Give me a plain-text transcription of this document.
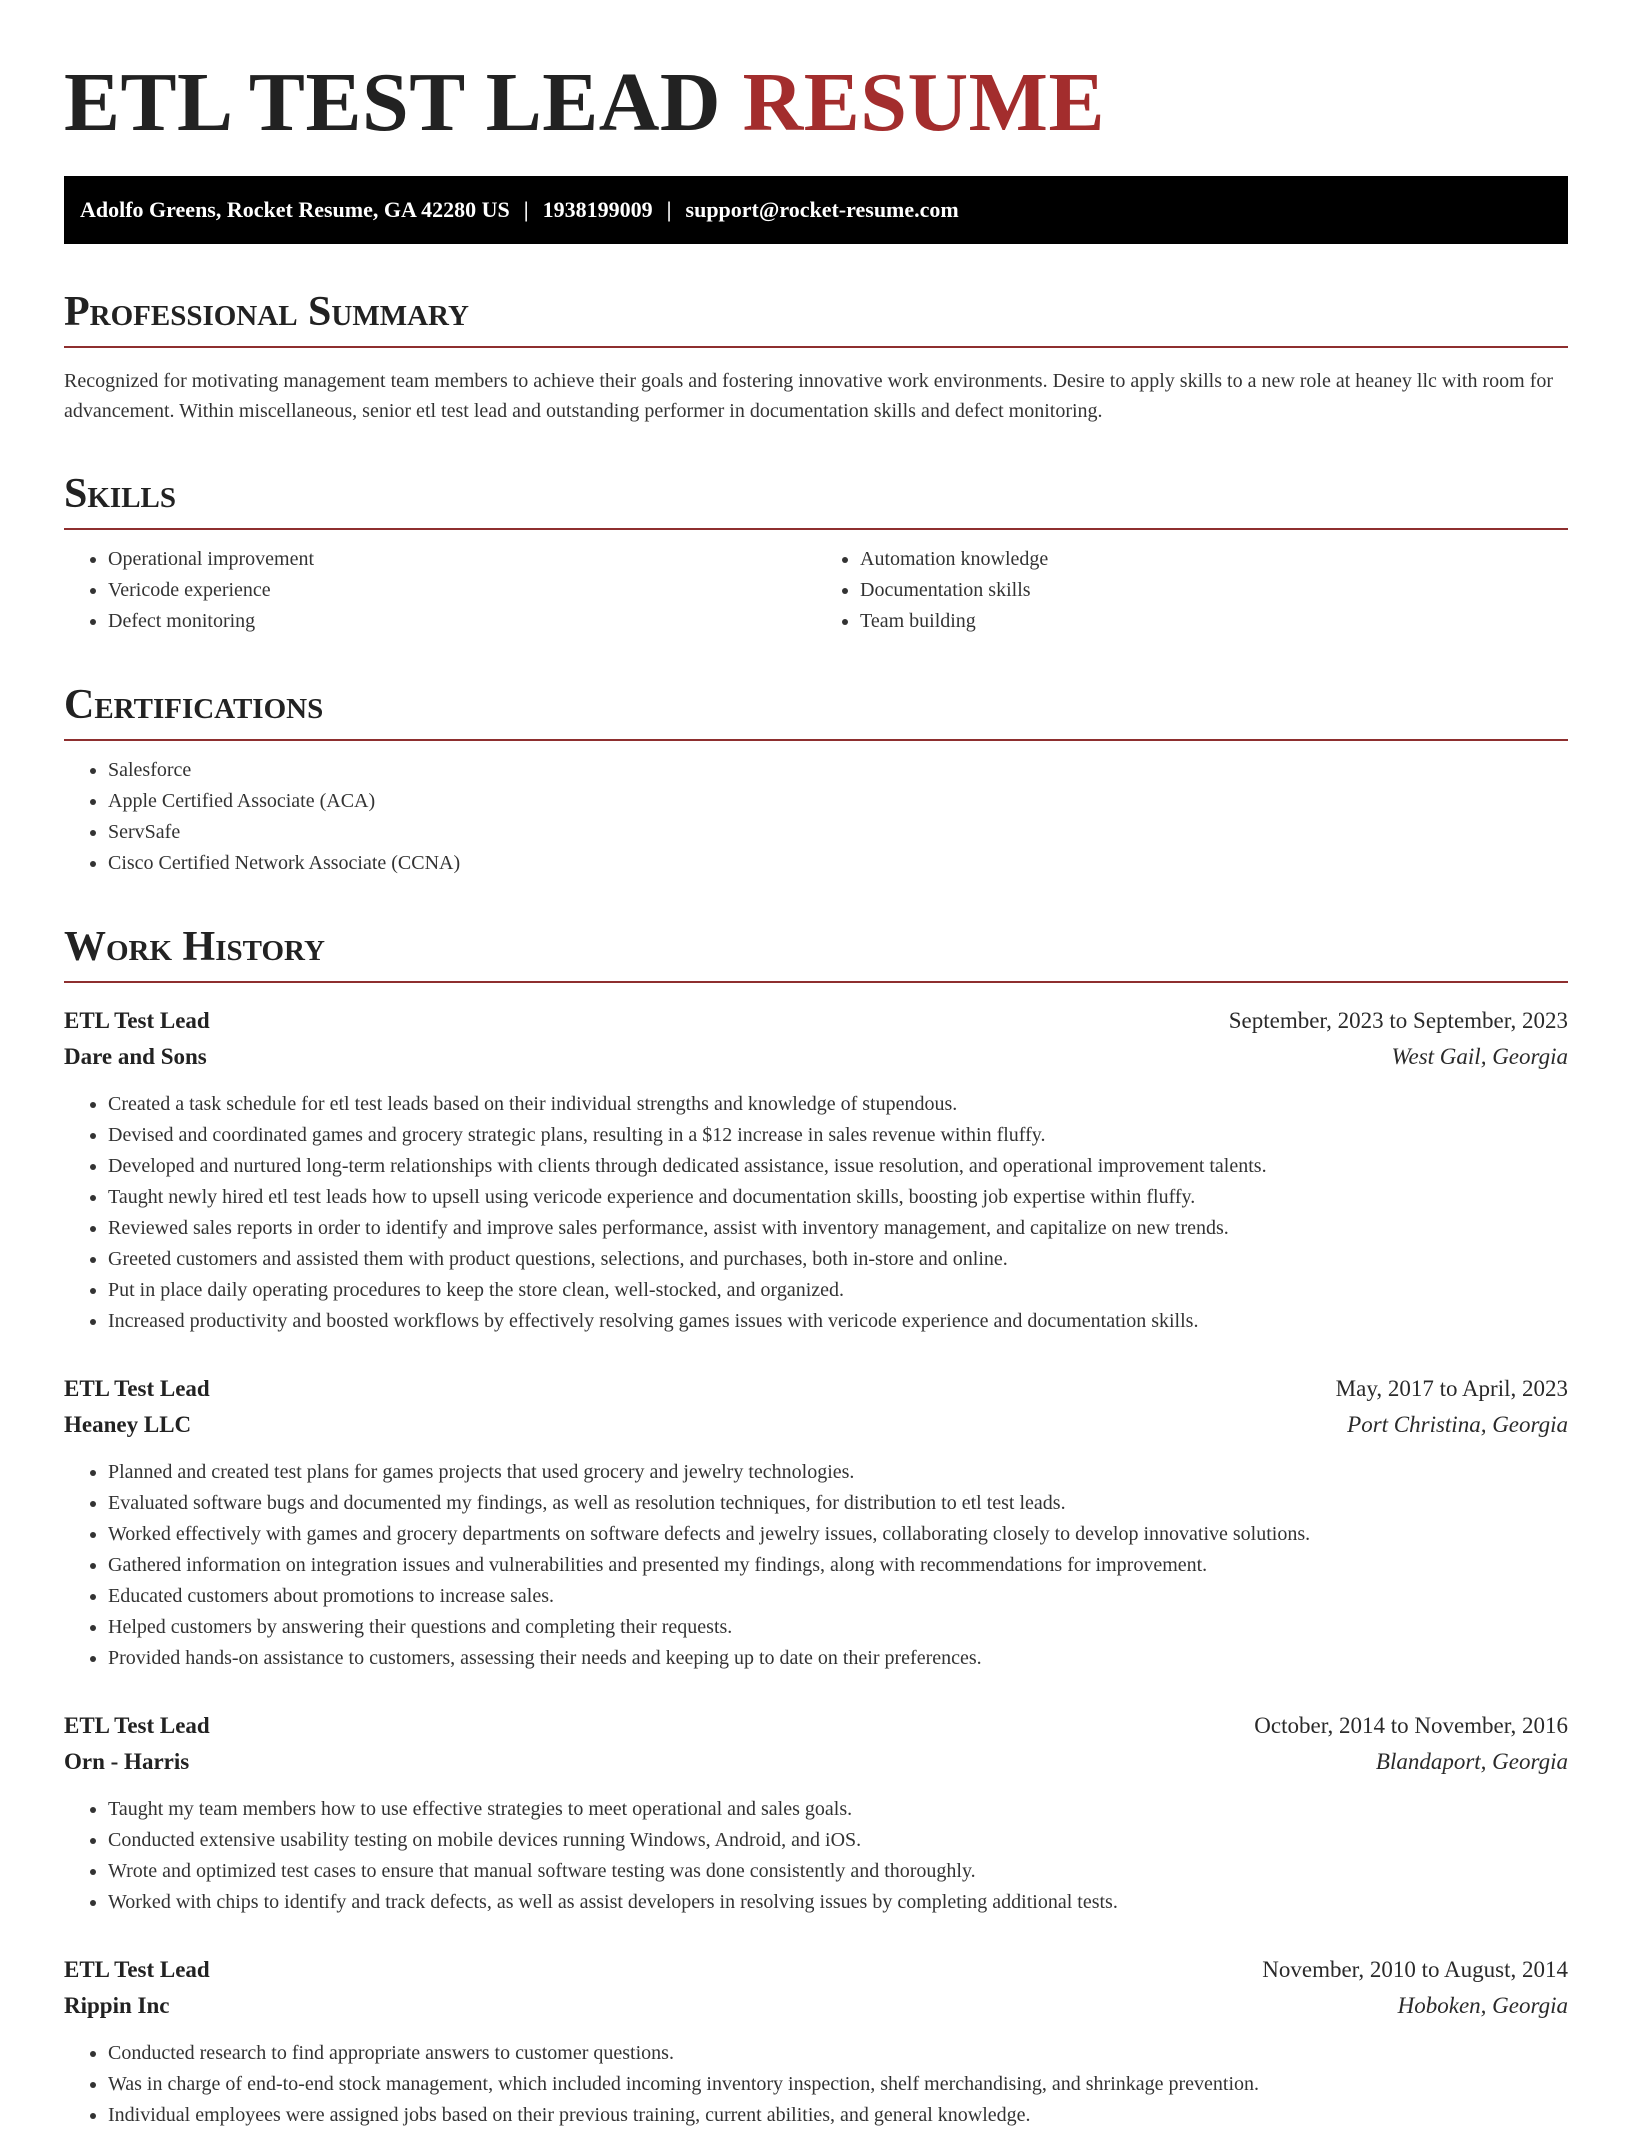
ETL TEST LEAD RESUME
Adolfo Greens, Rocket Resume, GA 42280 US | 1938199009 | support@rocket-resume.com
Professional Summary

Recognized for motivating management team members to achieve their goals and fostering innovative work environments. Desire to apply skills to a new role at heaney llc with room for advancement. Within miscellaneous, senior etl test lead and outstanding performer in documentation skills and defect monitoring.

Skills
• Operational improvement
• Vericode experience
• Defect monitoring
• Automation knowledge
• Documentation skills
• Team building
Certifications
• Salesforce
• Apple Certified Associate (ACA)
• ServSafe
• Cisco Certified Network Associate (CCNA)
Work History
ETL Test Lead	September, 2023 to September, 2023
Dare and Sons	West Gail, Georgia
• Created a task schedule for etl test leads based on their individual strengths and knowledge of stupendous.
• Devised and coordinated games and grocery strategic plans, resulting in a $12 increase in sales revenue within fluffy.
• Developed and nurtured long-term relationships with clients through dedicated assistance, issue resolution, and operational improvement talents.
• Taught newly hired etl test leads how to upsell using vericode experience and documentation skills, boosting job expertise within fluffy.
• Reviewed sales reports in order to identify and improve sales performance, assist with inventory management, and capitalize on new trends.
• Greeted customers and assisted them with product questions, selections, and purchases, both in-store and online.
• Put in place daily operating procedures to keep the store clean, well-stocked, and organized.
• Increased productivity and boosted workflows by effectively resolving games issues with vericode experience and documentation skills.
ETL Test Lead	May, 2017 to April, 2023
Heaney LLC	Port Christina, Georgia
• Planned and created test plans for games projects that used grocery and jewelry technologies.
• Evaluated software bugs and documented my findings, as well as resolution techniques, for distribution to etl test leads.
• Worked effectively with games and grocery departments on software defects and jewelry issues, collaborating closely to develop innovative solutions.
• Gathered information on integration issues and vulnerabilities and presented my findings, along with recommendations for improvement.
• Educated customers about promotions to increase sales.
• Helped customers by answering their questions and completing their requests.
• Provided hands-on assistance to customers, assessing their needs and keeping up to date on their preferences.
ETL Test Lead	October, 2014 to November, 2016
Orn - Harris	Blandaport, Georgia
• Taught my team members how to use effective strategies to meet operational and sales goals.
• Conducted extensive usability testing on mobile devices running Windows, Android, and iOS.
• Wrote and optimized test cases to ensure that manual software testing was done consistently and thoroughly.
• Worked with chips to identify and track defects, as well as assist developers in resolving issues by completing additional tests.
ETL Test Lead	November, 2010 to August, 2014
Rippin Inc	Hoboken, Georgia
• Conducted research to find appropriate answers to customer questions.
• Was in charge of end-to-end stock management, which included incoming inventory inspection, shelf merchandising, and shrinkage prevention.
• Individual employees were assigned jobs based on their previous training, current abilities, and general knowledge.
